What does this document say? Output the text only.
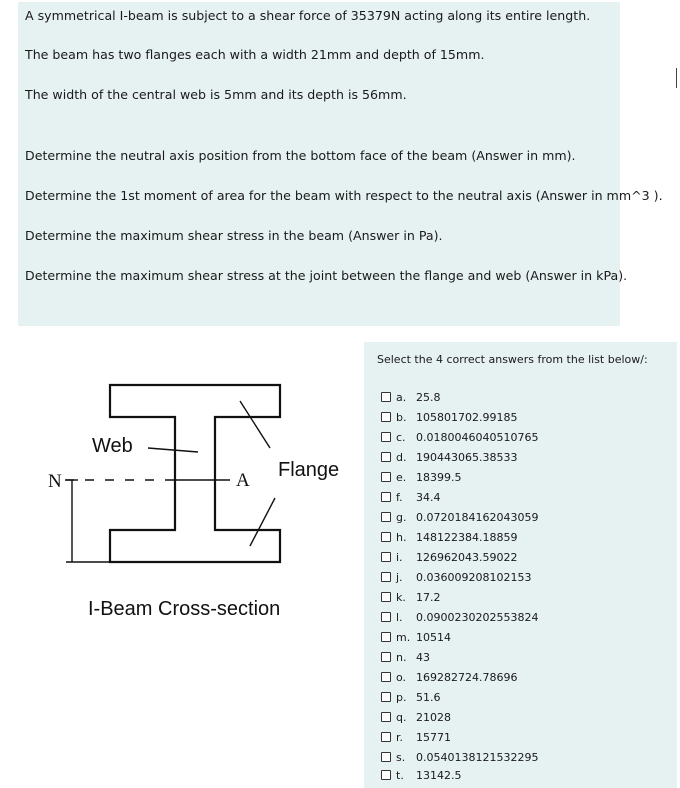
A symmetrical I-beam is subject to a shear force of 35379N acting along its entire length.
The beam has two flanges each with a width 21mm and depth of 15mm.
The width of the central web is 5mm and its depth is 56mm.
Determine the neutral axis position from the bottom face of the beam (Answer in mm).
Determine the 1st moment of area for the beam with respect to the neutral axis (Answer in mm^3 ).
Determine the maximum shear stress in the beam (Answer in Pa).
Determine the maximum shear stress at the joint between the flange and web (Answer in kPa).
Web
Flange
N	A
I-Beam Cross-section
Select the 4 correct answers from the list below/:
a. 25.8
b. 105801702.99185
c. 0.0180046040510765
d. 190443065.38533
e. 18399.5
f.	34.4
g. 0.0720184162043059
h. 148122384.18859
i.	126962043.59022
j.	0.036009208102153
k. 17.2
l.	0.0900230202553824
m. 10514
n. 43
o. 169282724.78696
p. 51.6
q. 21028
r.	15771
s. 0.0540138121532295
t.	13142.5
